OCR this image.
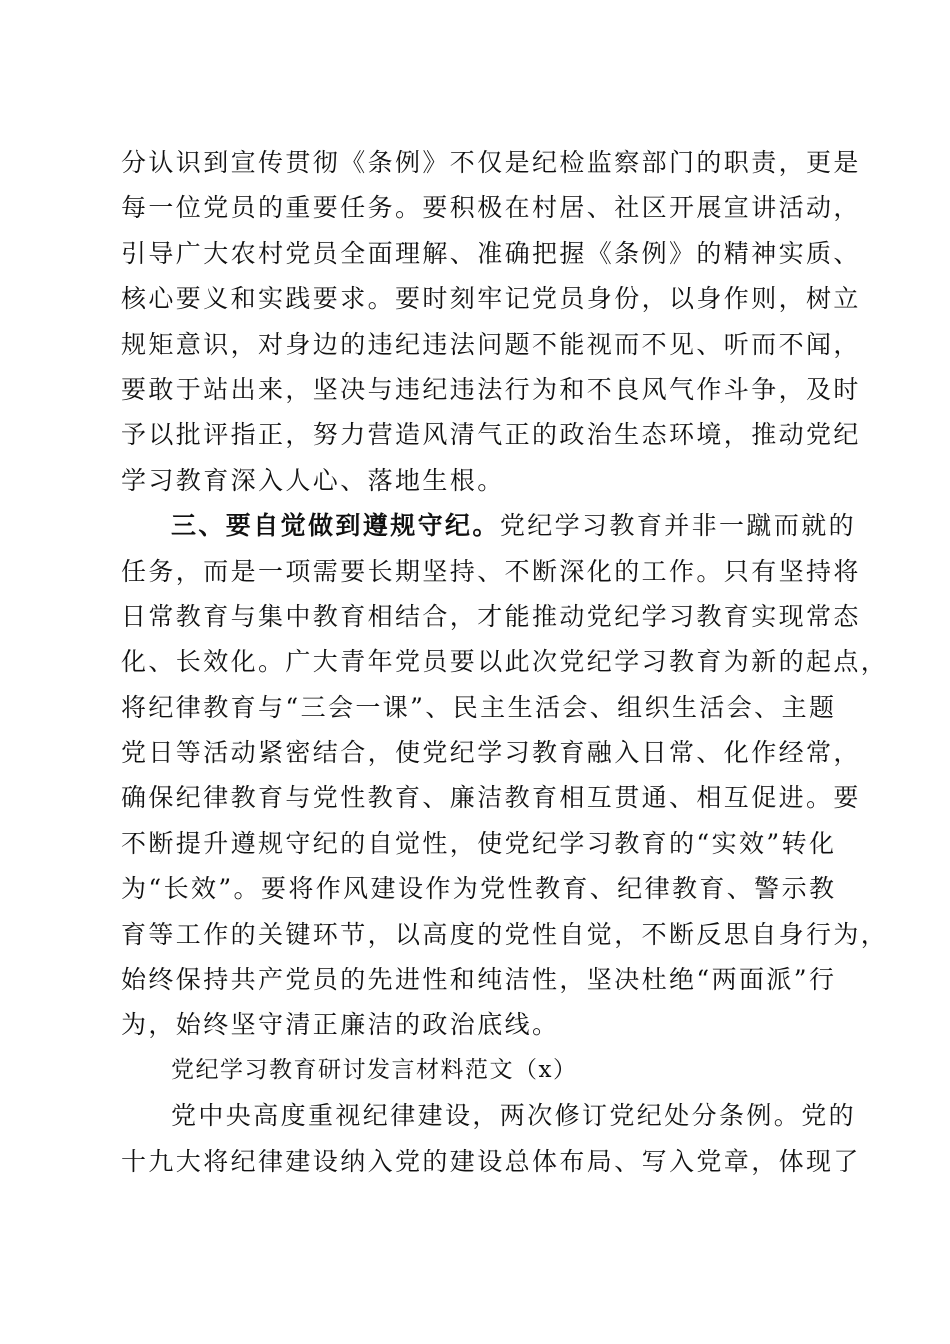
分认识到宣传贯彻《条例》不仅是纪检监察部门的职责，更是
每一位党员的重要任务。要积极在村居、社区开展宣讲活动，
引导广大农村党员全面理解、准确把握《条例》的精神实质、
核心要义和实践要求。要时刻牢记党员身份，以身作则，树立
规矩意识，对身边的违纪违法问题不能视而不见、听而不闻，
要敢于站出来，坚决与违纪违法行为和不良风气作斗争，及时
予以批评指正，努力营造风清气正的政治生态环境，推动党纪
学习教育深入人心、落地生根。
三、要自觉做到遵规守纪。党纪学习教育并非一蹴而就的
任务，而是一项需要长期坚持、不断深化的工作。只有坚持将
日常教育与集中教育相结合，才能推动党纪学习教育实现常态
化、长效化。广大青年党员要以此次党纪学习教育为新的起点，
将纪律教育与“三会一课”、民主生活会、组织生活会、主题
党日等活动紧密结合，使党纪学习教育融入日常、化作经常，
确保纪律教育与党性教育、廉洁教育相互贯通、相互促进。要
不断提升遵规守纪的自觉性，使党纪学习教育的“实效”转化
为“长效”。要将作风建设作为党性教育、纪律教育、警示教
育等工作的关键环节，以高度的党性自觉，不断反思自身行为，
始终保持共产党员的先进性和纯洁性，坚决杜绝“两面派”行
为，始终坚守清正廉洁的政治底线。
党纪学习教育研讨发言材料范文（x）
党中央高度重视纪律建设，两次修订党纪处分条例。党的
十九大将纪律建设纳入党的建设总体布局、写入党章，体现了
